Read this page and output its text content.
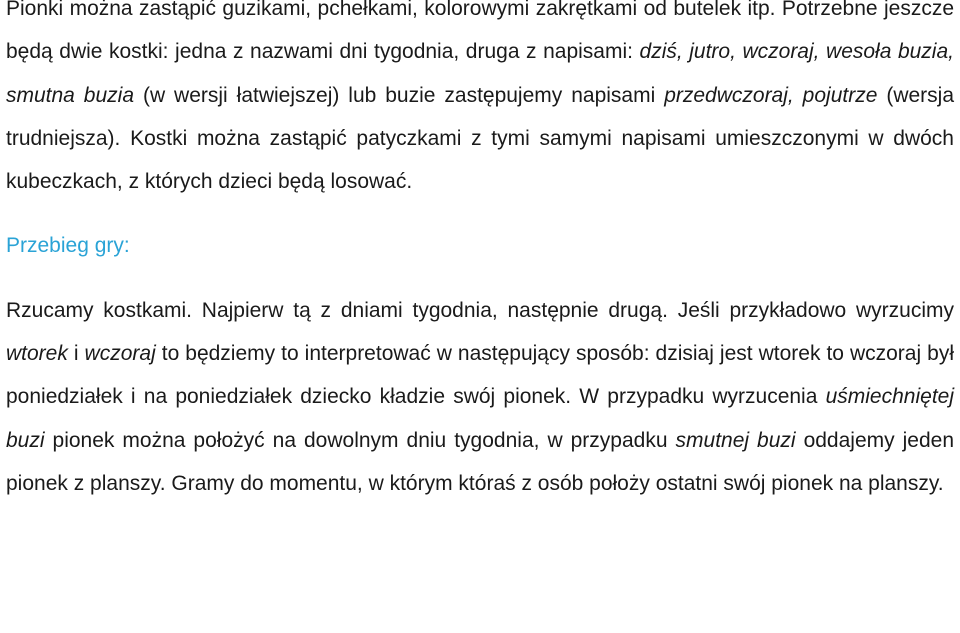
Pionki można zastąpić guzikami, pchełkami, kolorowymi zakrętkami od butelek itp. Potrzebne jeszcze będą dwie kostki: jedna z nazwami dni tygodnia, druga z napisami: dziś, jutro, wczoraj, wesoła buzia, smutna buzia (w wersji łatwiejszej) lub buzie zastępujemy napisami przedwczoraj, pojutrze (wersja trudniejsza). Kostki można zastąpić patyczkami z tymi samymi napisami umieszczonymi w dwóch kubeczkach, z których dzieci będą losować.

Przebieg gry:

Rzucamy kostkami. Najpierw tą z dniami tygodnia, następnie drugą. Jeśli przykładowo wyrzucimy wtorek i wczoraj to będziemy to interpretować w następujący sposób: dzisiaj jest wtorek to wczoraj był poniedziałek i na poniedziałek dziecko kładzie swój pionek. W przypadku wyrzucenia uśmiechniętej buzi pionek można położyć na dowolnym dniu tygodnia, w przypadku smutnej buzi oddajemy jeden pionek z planszy. Gramy do momentu, w którym któraś z osób położy ostatni swój pionek na planszy.
